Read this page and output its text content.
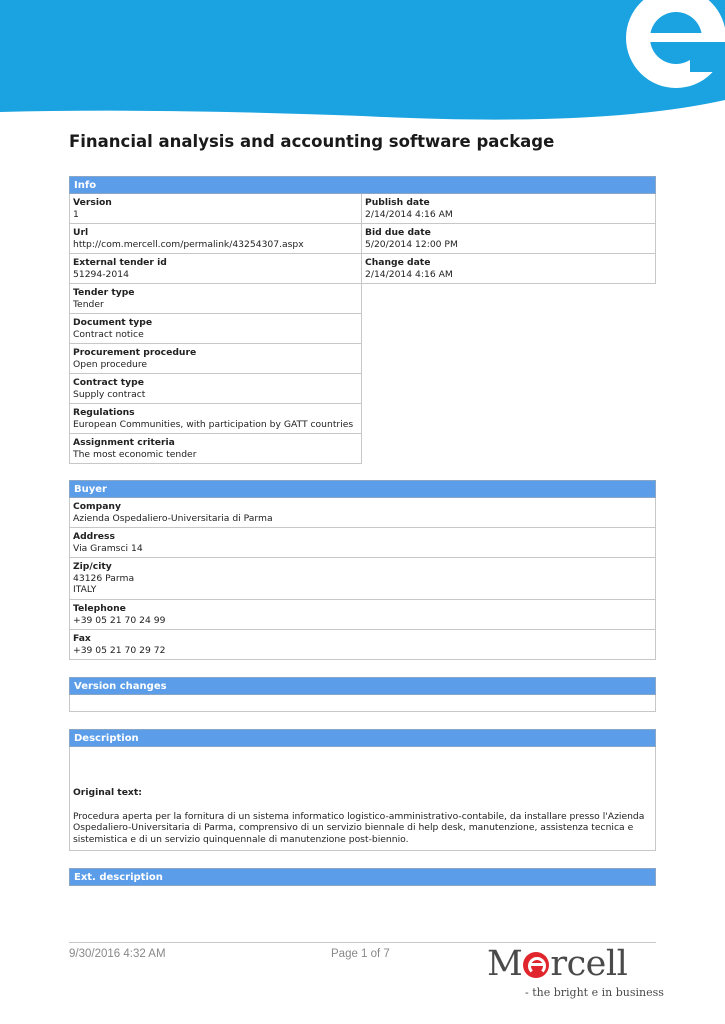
Financial analysis and accounting software package
Info
Version
1
Url
http://com.mercell.com/permalink/43254307.aspx
External tender id
51294-2014
Tender type
Tender
Document type
Contract notice
Procurement procedure
Open procedure
Contract type
Supply contract
Regulations
European Communities, with participation by GATT countries
Assignment criteria
The most economic tender
Publish date
2/14/2014 4:16 AM
Bid due date
5/20/2014 12:00 PM
Change date
2/14/2014 4:16 AM
Buyer
Company
Azienda Ospedaliero-Universitaria di Parma
Address
Via Gramsci 14
Zip/city
43126 Parma
ITALY
Telephone
+39 05 21 70 24 99
Fax
+39 05 21 70 29 72
Version changes
Description

Original text:

Procedura aperta per la fornitura di un sistema informatico logistico-amministrativo-contabile, da installare presso l'Azienda Ospedaliero-Universitaria di Parma, comprensivo di un servizio biennale di help desk, manutenzione, assistenza tecnica e sistemistica e di un servizio quinquennale di manutenzione post-biennio.

Ext. description
9/30/2016 4:32 AM	Page 1 of 7	M rcell
- the bright e in business
